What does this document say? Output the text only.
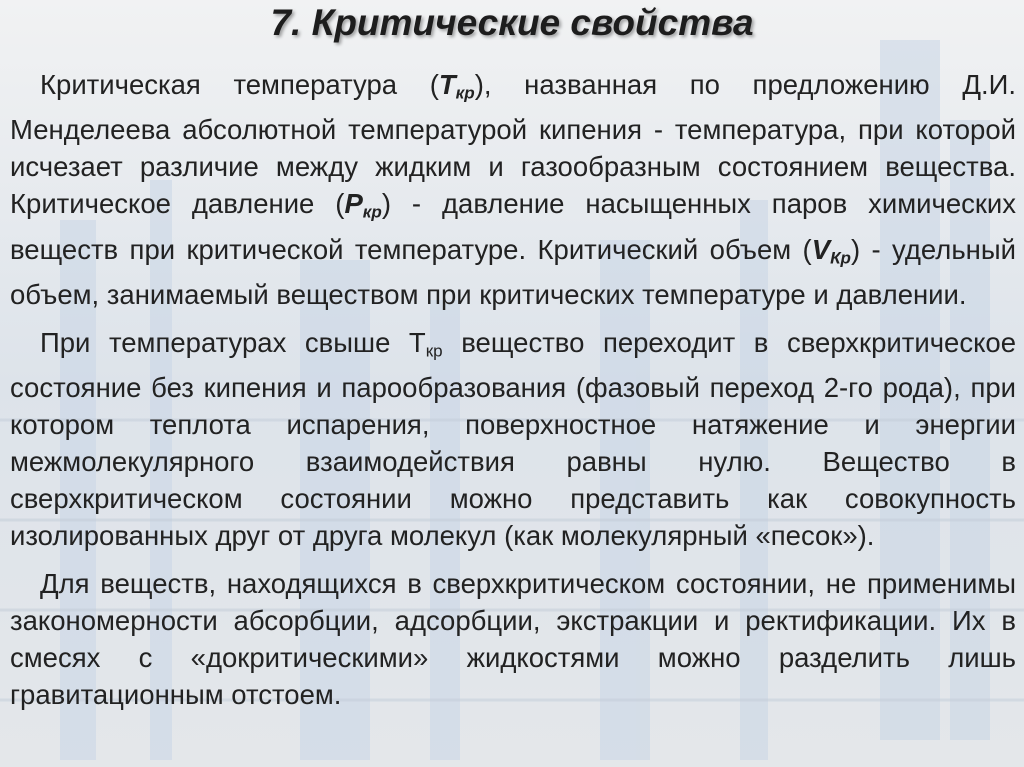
7. Критические свойства

Критическая температура $(Т_{кр})$, названная по предложению Д.И. Менделеева абсолютной температурой кипения - температура, при которой исчезает различие между жидким и газообразным состоянием вещества. Критическое давление $(Р_{кр})$ - давление насыщенных паров химических веществ при критической температуре. Критический объем $(V_{Кр})$ - удельный объем, занимаемый веществом при критических температуре и давлении.

При температурах свыше Ткр вещество переходит в сверхкритическое состояние без кипения и парообразования (фазовый переход 2-го рода), при котором теплота испарения, поверхностное натяжение и энергии межмолекулярного взаимодействия равны нулю. Вещество в сверхкритическом состоянии можно представить как совокупность изолированных друг от друга молекул (как молекулярный «песок»).

Для веществ, находящихся в сверхкритическом состоянии, не применимы закономерности абсорбции, адсорбции, экстракции и ректификации. Их в смесях с «докритическими» жидкостями можно разделить лишь гравитационным отстоем.
